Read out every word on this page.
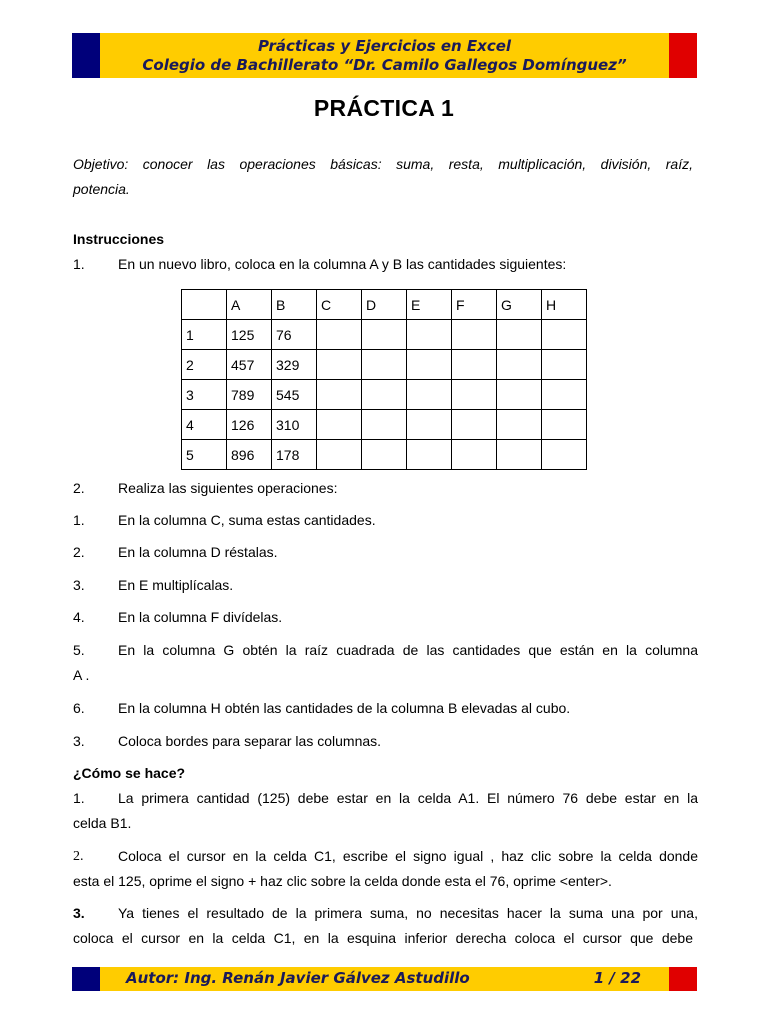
Prácticas y Ejercicios en Excel
Colegio de Bachillerato “Dr. Camilo Gallegos Domínguez”
PRÁCTICA 1
Objetivo: conocer las operaciones básicas: suma, resta, multiplicación, división, raíz,
potencia.
Instrucciones
1. En un nuevo libro, coloca en la columna A y B las cantidades siguientes:
	A	B	C	D	E	F	G	H
1	125	76						
2	457	329						
3	789	545						
4	126	310						
5	896	178						
2. Realiza las siguientes operaciones:
1. En la columna C, suma estas cantidades.
2. En la columna D réstalas.
3. En E multiplícalas.
4. En la columna F divídelas.
5. En la columna G obtén la raíz cuadrada de las cantidades que están en la columna
A .
6. En la columna H obtén las cantidades de la columna B elevadas al cubo.
3. Coloca bordes para separar las columnas.
¿Cómo se hace?
1. La primera cantidad (125) debe estar en la celda A1. El número 76 debe estar en la
celda B1.
2. Coloca el cursor en la celda C1, escribe el signo igual , haz clic sobre la celda donde
esta el 125, oprime el signo + haz clic sobre la celda donde esta el 76, oprime <enter>.
3. Ya tienes el resultado de la primera suma, no necesitas hacer la suma una por una,
coloca el cursor en la celda C1, en la esquina inferior derecha coloca el cursor que debe
Autor: Ing. Renán Javier Gálvez Astudillo	1 / 22
